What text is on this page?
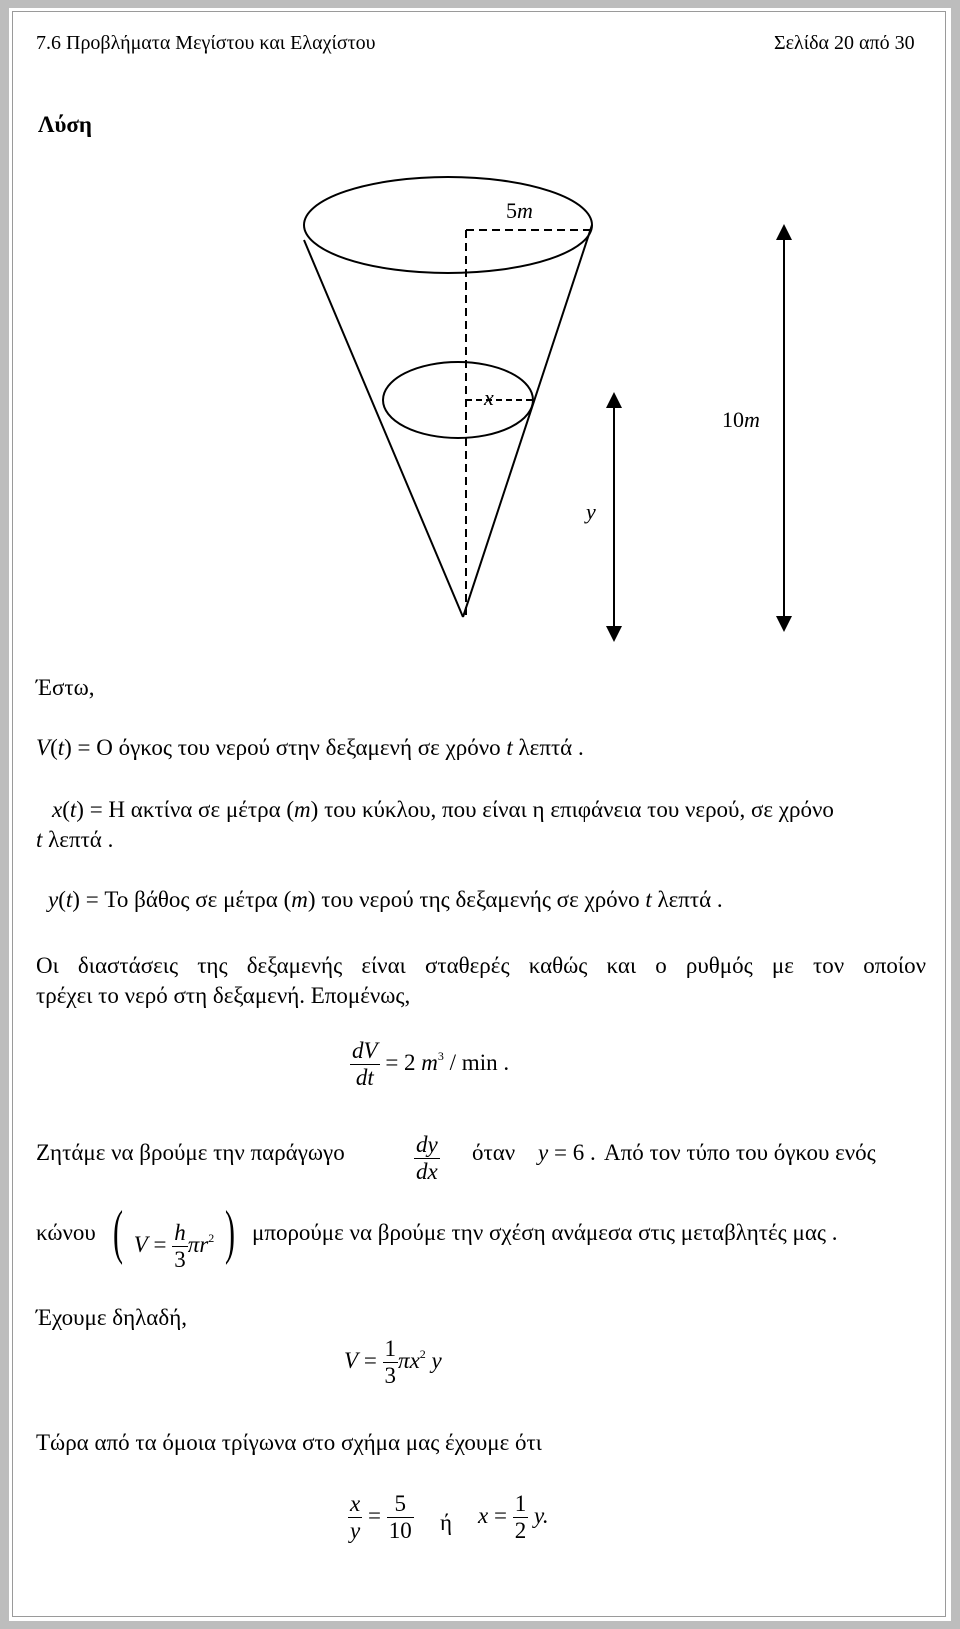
7.6 Προβλήματα Μεγίστου και Ελαχίστου	Σελίδα 20 από 30
Λύση
5m
x
y
10m
Έστω,
V(t) = Ο όγκος του νερού στην δεξαμενή σε χρόνο t λεπτά .
x(t) = Η ακτίνα σε μέτρα (m) του κύκλου, που είναι η επιφάνεια του νερού, σε χρόνο
t λεπτά .
y(t) = Το βάθος σε μέτρα (m) του νερού της δεξαμενής σε χρόνο t λεπτά .
Οι διαστάσεις της δεξαμενής είναι σταθερές καθώς και ο ρυθμός με τον οποίον
τρέχει το νερό στη δεξαμενή. Επομένως,
$\frac{dV}{dt} = 2$ $m^3$ / min .
Ζητάμε να βρούμε την παράγωγο	$\frac{dy}{dx}$ όταν y = 6 . Από τον τύπο του όγκου ενός
κώνου ( $V = \frac{h}{3} \pi r^2$ ) μπορούμε να βρούμε την σχέση ανάμεσα στις μεταβλητές μας .
Έχουμε δηλαδή,
$V = \frac{1}{3} \pi x^2$ y
Τώρα από τα όμοια τρίγωνα στο σχήμα μας έχουμε ότι
$\frac{x}{y} = \frac{5}{10}$ ή $x = \frac{1}{2} y$.
